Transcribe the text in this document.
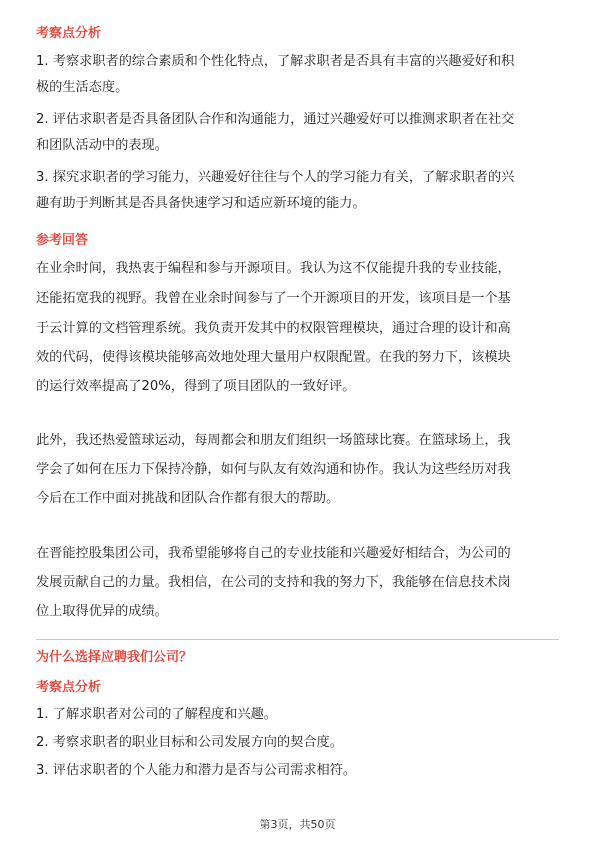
考察点分析
1. 考察求职者的综合素质和个性化特点，了解求职者是否具有丰富的兴趣爱好和积
极的生活态度。
2. 评估求职者是否具备团队合作和沟通能力，通过兴趣爱好可以推测求职者在社交
和团队活动中的表现。
3. 探究求职者的学习能力，兴趣爱好往往与个人的学习能力有关，了解求职者的兴
趣有助于判断其是否具备快速学习和适应新环境的能力。
参考回答
在业余时间，我热衷于编程和参与开源项目。我认为这不仅能提升我的专业技能，
还能拓宽我的视野。我曾在业余时间参与了一个开源项目的开发，该项目是一个基
于云计算的文档管理系统。我负责开发其中的权限管理模块，通过合理的设计和高
效的代码，使得该模块能够高效地处理大量用户权限配置。在我的努力下，该模块
的运行效率提高了20%，得到了项目团队的一致好评。
此外，我还热爱篮球运动，每周都会和朋友们组织一场篮球比赛。在篮球场上，我
学会了如何在压力下保持冷静，如何与队友有效沟通和协作。我认为这些经历对我
今后在工作中面对挑战和团队合作都有很大的帮助。
在晋能控股集团公司，我希望能够将自己的专业技能和兴趣爱好相结合，为公司的
发展贡献自己的力量。我相信，在公司的支持和我的努力下，我能够在信息技术岗
位上取得优异的成绩。
为什么选择应聘我们公司？
考察点分析
1. 了解求职者对公司的了解程度和兴趣。
2. 考察求职者的职业目标和公司发展方向的契合度。
3. 评估求职者的个人能力和潜力是否与公司需求相符。
第3页，共50页
